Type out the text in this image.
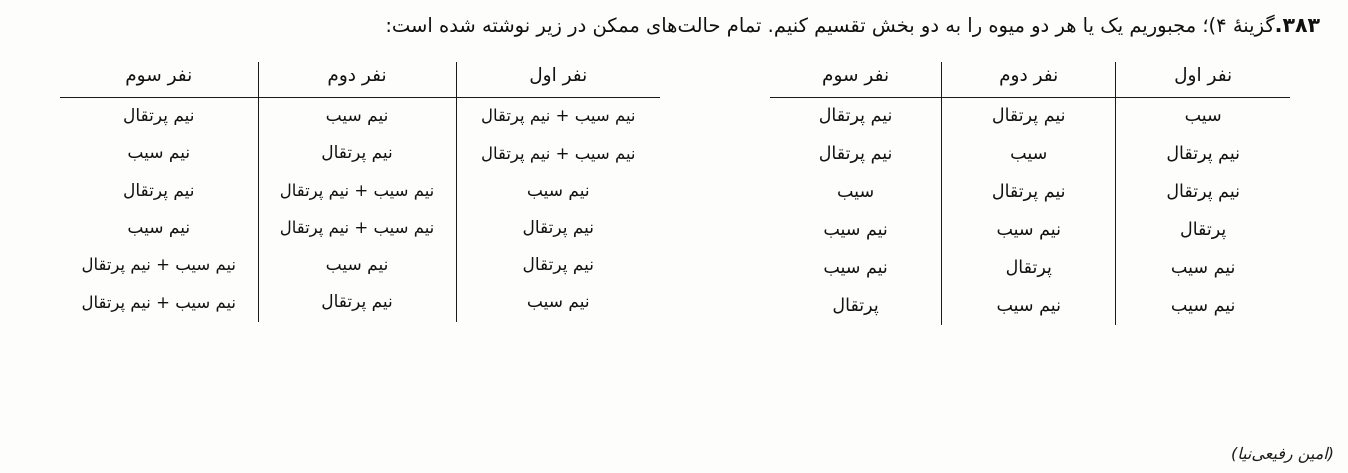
۳۸۳.گزینهٔ ۴)؛ مجبوریم یک یا هر دو میوه را به دو بخش تقسیم کنیم. تمام حالت‌های ممکن در زیر نوشته شده است:
نفر اول	نفر دوم	نفر سوم
سیب	نیم پرتقال	نیم پرتقال
نیم پرتقال	سیب	نیم پرتقال
نیم پرتقال	نیم پرتقال	سیب
پرتقال	نیم سیب	نیم سیب
نیم سیب	پرتقال	نیم سیب
نیم سیب	نیم سیب	پرتقال
نفر اول	نفر دوم	نفر سوم
نیم سیب + نیم پرتقال	نیم سیب	نیم پرتقال
نیم سیب + نیم پرتقال	نیم پرتقال	نیم سیب
نیم سیب	نیم سیب + نیم پرتقال	نیم پرتقال
نیم پرتقال	نیم سیب + نیم پرتقال	نیم سیب
نیم پرتقال	نیم سیب	نیم سیب + نیم پرتقال
نیم سیب	نیم پرتقال	نیم سیب + نیم پرتقال
(امین رفیعی‌نیا)
